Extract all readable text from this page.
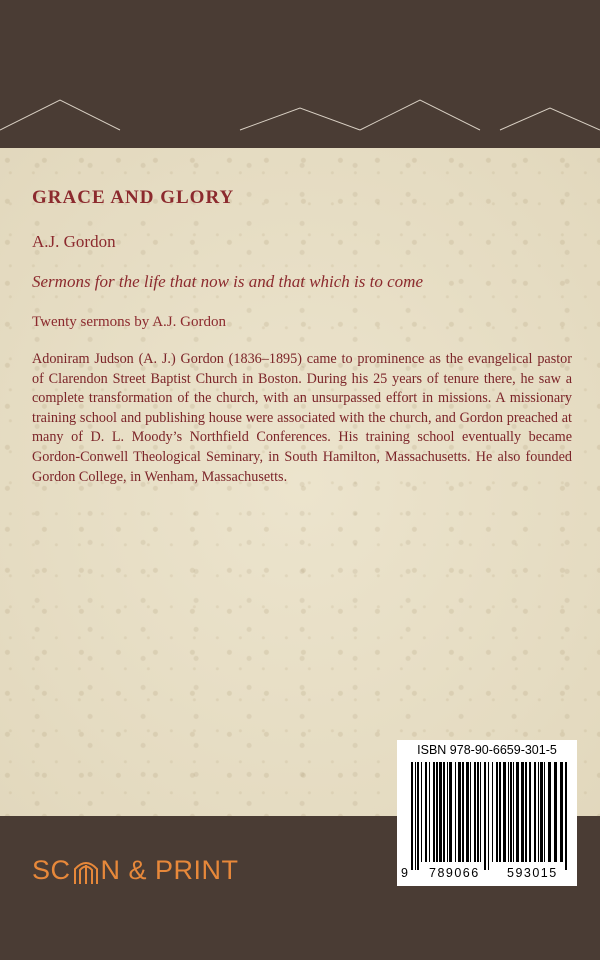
GRACE AND GLORY

A.J. Gordon

Sermons for the life that now is and that which is to come

Twenty sermons by A.J. Gordon

Adoniram Judson (A. J.) Gordon (1836–1895) came to prominence as the evangelical pastor of Clarendon Street Baptist Church in Boston. During his 25 years of tenure there, he saw a complete transformation of the church, with an unsurpassed effort in missions. A missionary training school and publishing house were associated with the church, and Gordon preached at many of D. L. Moody’s Northfield Conferences. His training school eventually became Gordon-Conwell Theological Seminary, in South Hamilton, Massachusetts. He also founded Gordon College, in Wenham, Massachusetts.

ISBN 978-90-6659-301-5
9 789066 593015
SC N & PRINT
